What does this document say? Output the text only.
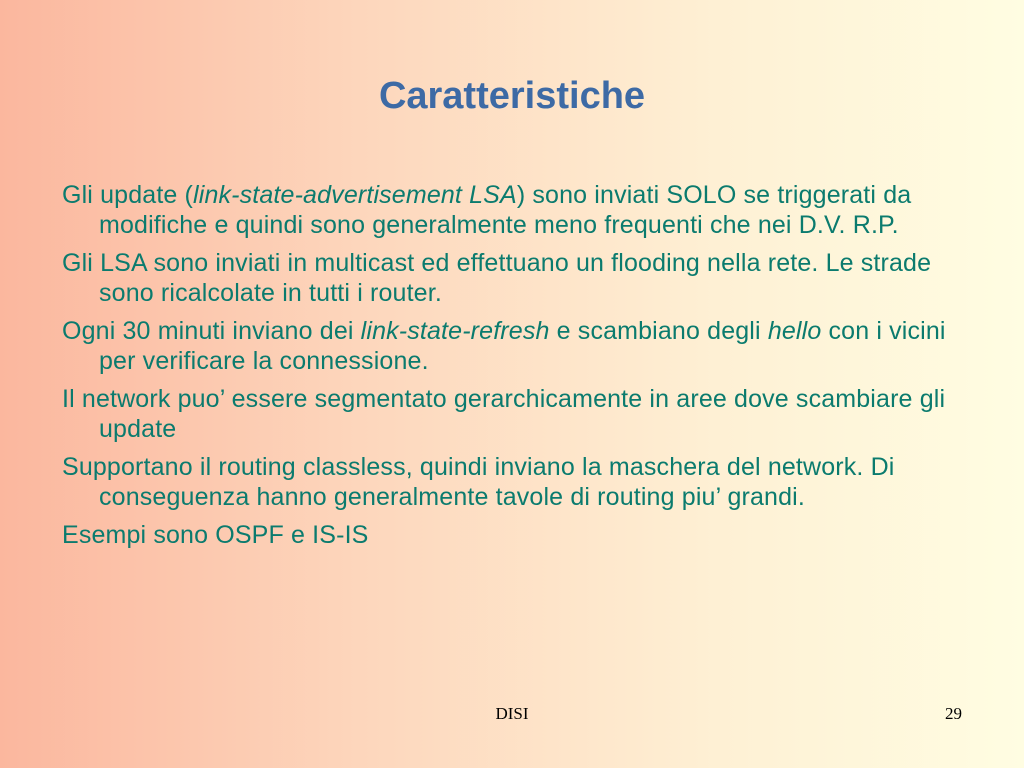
Caratteristiche
Gli update (link-state-advertisement LSA) sono inviati SOLO se triggerati da modifiche e quindi sono generalmente meno frequenti che nei D.V. R.P.
Gli LSA sono inviati in multicast ed effettuano un flooding nella rete. Le strade sono ricalcolate in tutti i router.
Ogni 30 minuti inviano dei link-state-refresh e scambiano degli hello con i vicini per verificare la connessione.
Il network puo’ essere segmentato gerarchicamente in aree dove scambiare gli update
Supportano il routing classless, quindi inviano la maschera del network. Di conseguenza hanno generalmente tavole di routing piu’ grandi.
Esempi sono OSPF e IS-IS
DISI	29
